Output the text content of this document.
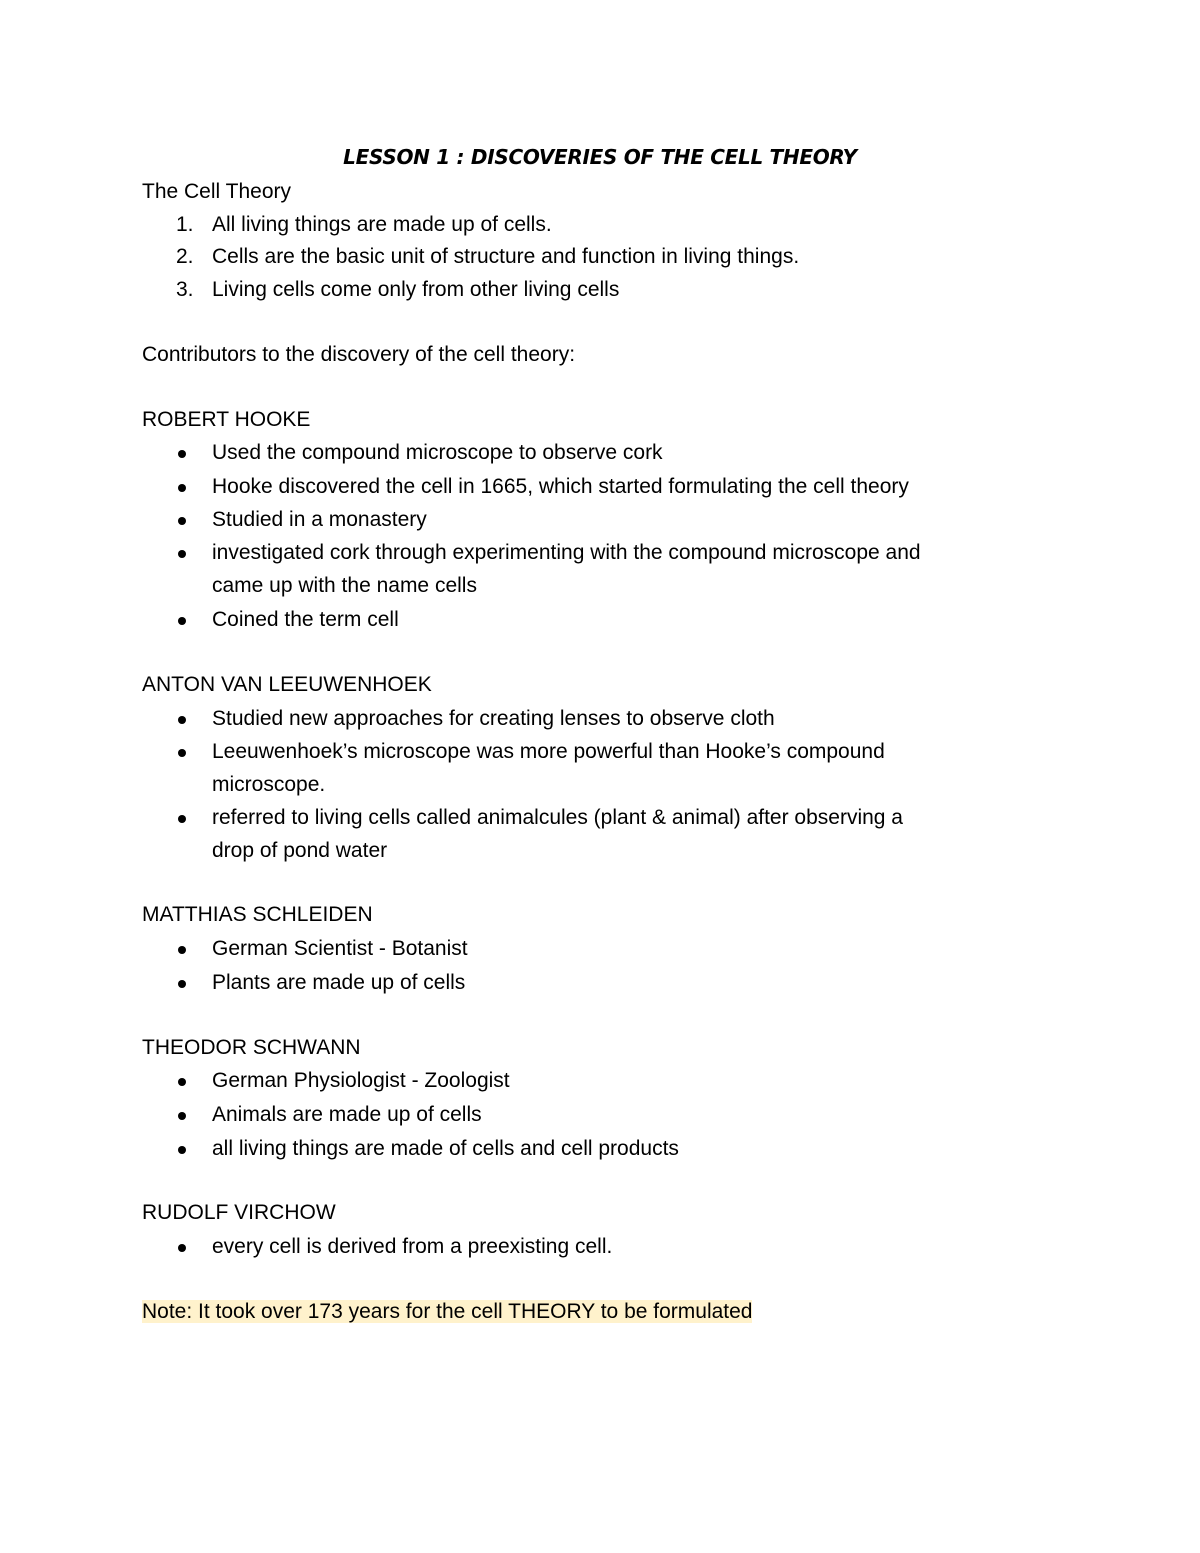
LESSON 1 : DISCOVERIES OF THE CELL THEORY
The Cell Theory
1. All living things are made up of cells.
2. Cells are the basic unit of structure and function in living things.
3. Living cells come only from other living cells
Contributors to the discovery of the cell theory:
ROBERT HOOKE
Used the compound microscope to observe cork
Hooke discovered the cell in 1665, which started formulating the cell theory
Studied in a monastery
investigated cork through experimenting with the compound microscope and
came up with the name cells
Coined the term cell
ANTON VAN LEEUWENHOEK
Studied new approaches for creating lenses to observe cloth
Leeuwenhoek’s microscope was more powerful than Hooke’s compound
microscope.
referred to living cells called animalcules (plant & animal) after observing a
drop of pond water
MATTHIAS SCHLEIDEN
German Scientist - Botanist
Plants are made up of cells
THEODOR SCHWANN
German Physiologist - Zoologist
Animals are made up of cells
all living things are made of cells and cell products
RUDOLF VIRCHOW
every cell is derived from a preexisting cell.
Note: It took over 173 years for the cell THEORY to be formulated
